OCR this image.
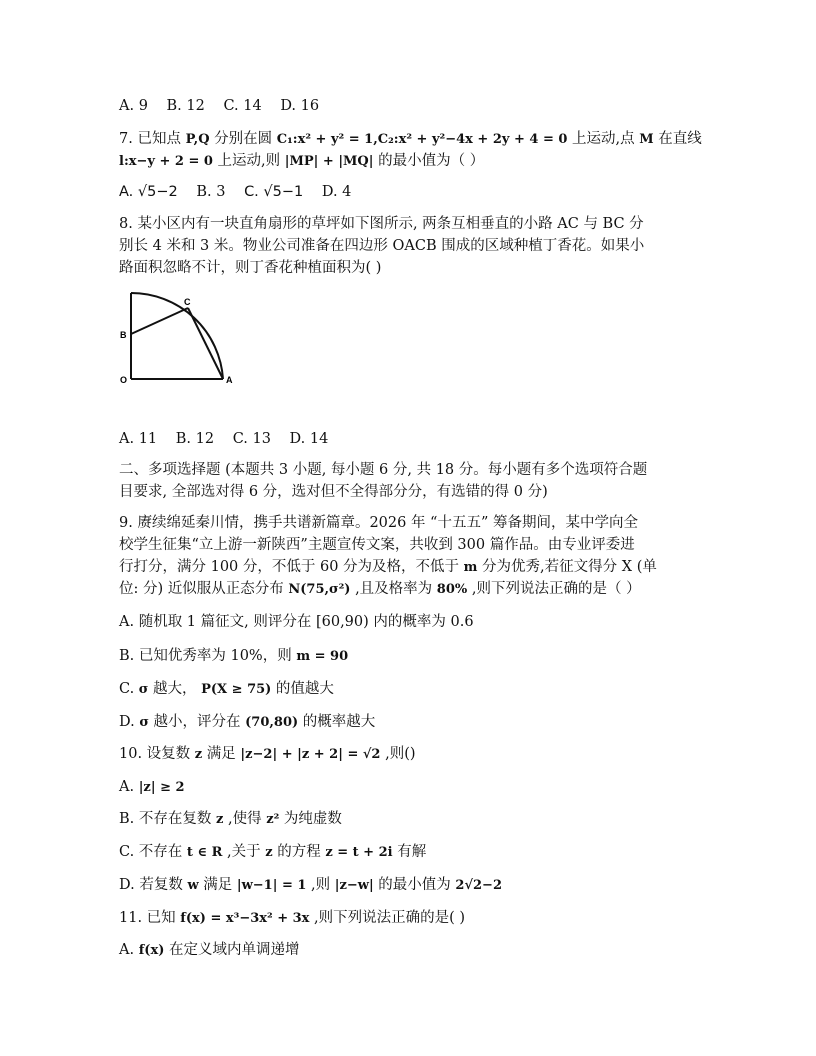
A. 9 B. 12 C. 14 D. 16
7. 已知点 P,Q 分别在圆 C₁:x² + y² = 1,C₂:x² + y²−4x + 2y + 4 = 0 上运动,点 M 在直线
l:x−y + 2 = 0 上运动,则 |MP| + |MQ| 的最小值为（ ）
A. √5−2 B. 3 C. √5−1 D. 4
8. 某小区内有一块直角扇形的草坪如下图所示, 两条互相垂直的小路 AC 与 BC 分
别长 4 米和 3 米。物业公司准备在四边形 OACB 围成的区域种植丁香花。如果小
路面积忽略不计，则丁香花种植面积为( )
O	A
B
C
A. 11 B. 12 C. 13 D. 14
二、多项选择题 (本题共 3 小题, 每小题 6 分, 共 18 分。每小题有多个选项符合题
目要求, 全部选对得 6 分，选对但不全得部分分，有选错的得 0 分)
9. 赓续绵延秦川情，携手共谱新篇章。2026 年 “十五五” 筹备期间，某中学向全
校学生征集“立上游一新陕西”主题宣传文案，共收到 300 篇作品。由专业评委进
行打分，满分 100 分，不低于 60 分为及格，不低于 m 分为优秀,若征文得分 X (单
位: 分) 近似服从正态分布 N(75,σ²) ,且及格率为 80% ,则下列说法正确的是（ ）
A. 随机取 1 篇征文, 则评分在 [60,90) 内的概率为 0.6
B. 已知优秀率为 10%，则 m = 90
C. σ 越大， P(X ≥ 75) 的值越大
D. σ 越小，评分在 (70,80) 的概率越大
10. 设复数 z 满足 |z−2| + |z + 2| = √2 ,则()
A. |z| ≥ 2
B. 不存在复数 z ,使得 z² 为纯虚数
C. 不存在 t ∈ R ,关于 z 的方程 z = t + 2i 有解
D. 若复数 w 满足 |w−1| = 1 ,则 |z−w| 的最小值为 2√2−2
11. 已知 f(x) = x³−3x² + 3x ,则下列说法正确的是( )
A. f(x) 在定义域内单调递增
